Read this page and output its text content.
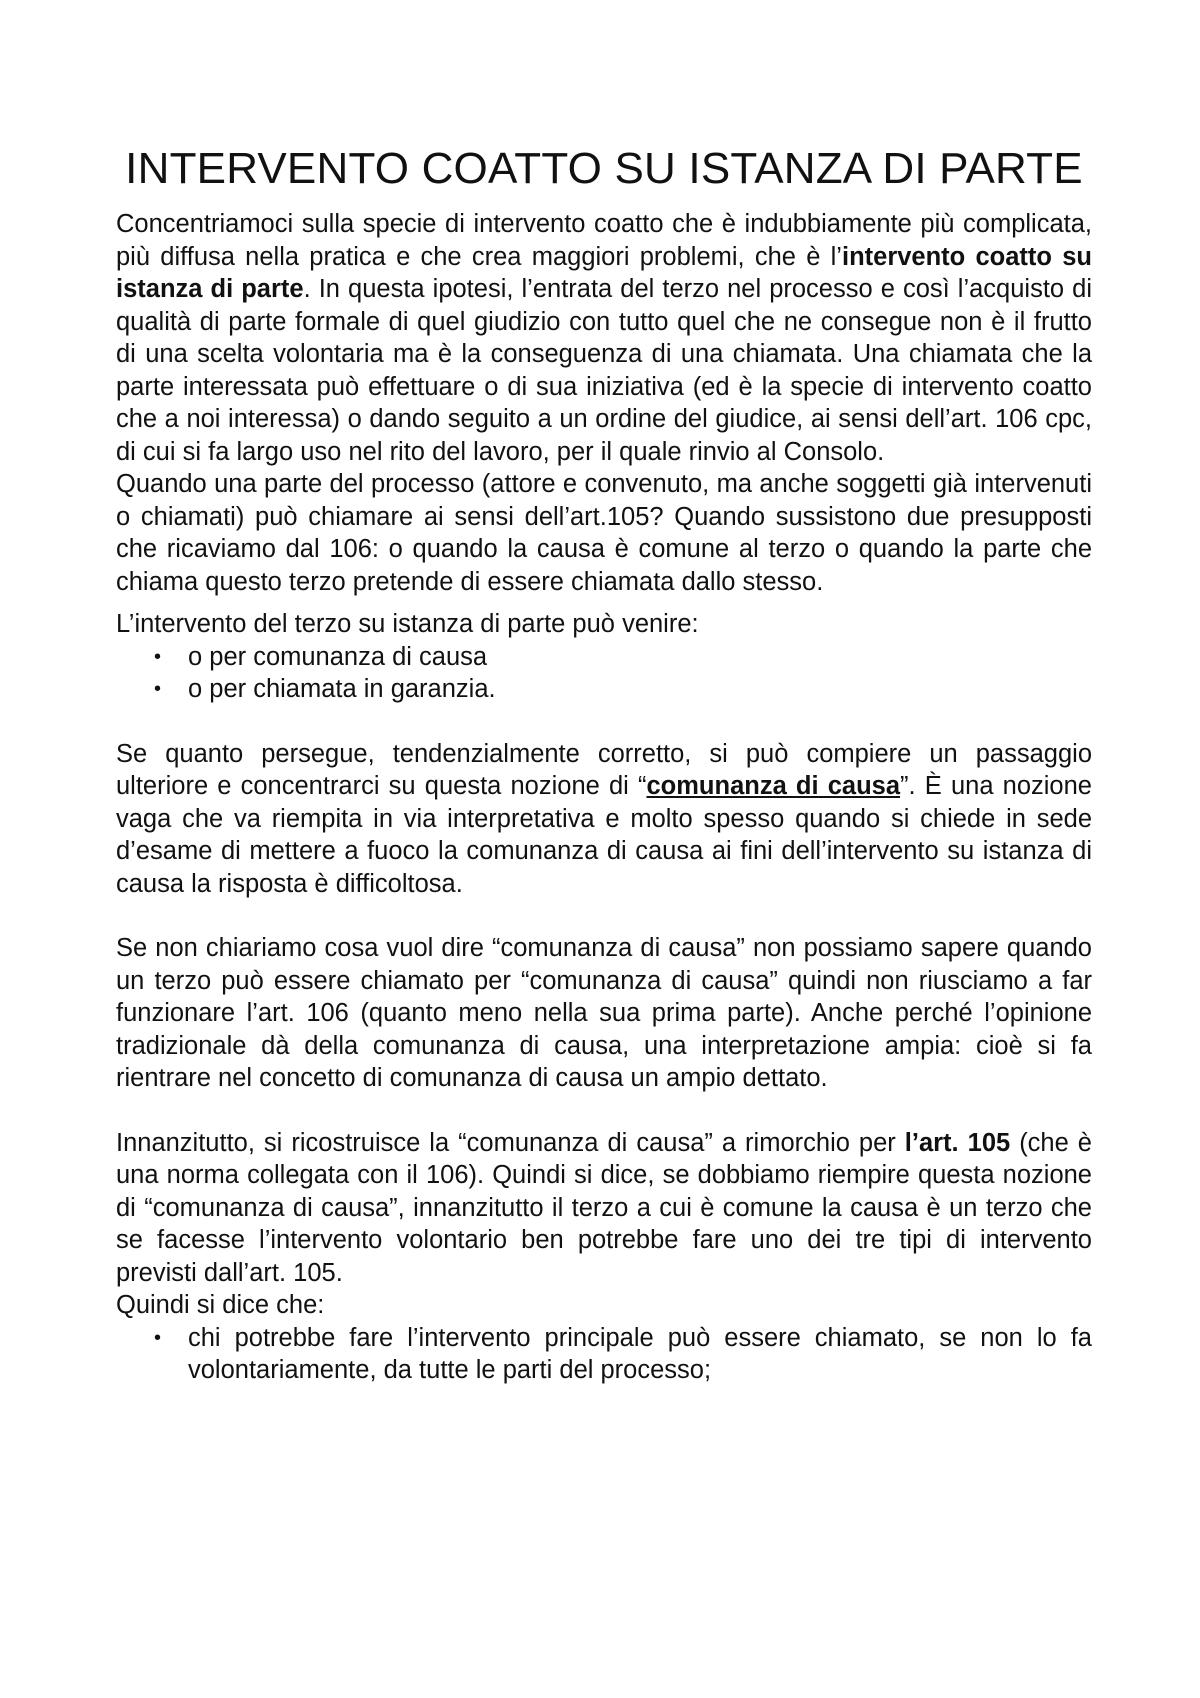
INTERVENTO COATTO SU ISTANZA DI PARTE

Concentriamoci sulla specie di intervento coatto che è indubbiamente più complicata, più diffusa nella pratica e che crea maggiori problemi, che è l’intervento coatto su istanza di parte. In questa ipotesi, l’entrata del terzo nel processo e così l’acquisto di qualità di parte formale di quel giudizio con tutto quel che ne consegue non è il frutto di una scelta volontaria ma è la conseguenza di una chiamata. Una chiamata che la parte interessata può effettuare o di sua iniziativa (ed è la specie di intervento coatto che a noi interessa) o dando seguito a un ordine del giudice, ai sensi dell’art. 106 cpc, di cui si fa largo uso nel rito del lavoro, per il quale rinvio al Consolo.

Quando una parte del processo (attore e convenuto, ma anche soggetti già intervenuti o chiamati) può chiamare ai sensi dell’art.105? Quando sussistono due presupposti che ricaviamo dal 106: o quando la causa è comune al terzo o quando la parte che chiama questo terzo pretende di essere chiamata dallo stesso.

L’intervento del terzo su istanza di parte può venire:

•	o per comunanza di causa
•	o per chiamata in garanzia.

Se quanto persegue, tendenzialmente corretto, si può compiere un passaggio ulteriore e concentrarci su questa nozione di “comunanza di causa”. È una nozione vaga che va riempita in via interpretativa e molto spesso quando si chiede in sede d’esame di mettere a fuoco la comunanza di causa ai fini dell’intervento su istanza di causa la risposta è difficoltosa.

Se non chiariamo cosa vuol dire “comunanza di causa” non possiamo sapere quando un terzo può essere chiamato per “comunanza di causa” quindi non riusciamo a far funzionare l’art. 106 (quanto meno nella sua prima parte). Anche perché l’opinione tradizionale dà della comunanza di causa, una interpretazione ampia: cioè si fa rientrare nel concetto di comunanza di causa un ampio dettato.

Innanzitutto, si ricostruisce la “comunanza di causa” a rimorchio per l’art. 105 (che è una norma collegata con il 106). Quindi si dice, se dobbiamo riempire questa nozione di “comunanza di causa”, innanzitutto il terzo a cui è comune la causa è un terzo che se facesse l’intervento volontario ben potrebbe fare uno dei tre tipi di intervento previsti dall’art. 105.

Quindi si dice che:

•	chi potrebbe fare l’intervento principale può essere chiamato, se non lo fa volontariamente, da tutte le parti del processo;
